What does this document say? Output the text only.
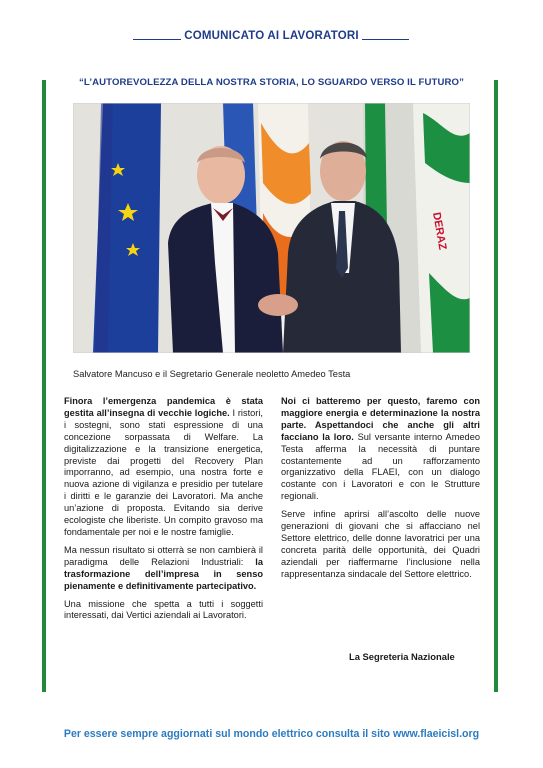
COMUNICATO AI LAVORATORI
“L’AUTOREVOLEZZA DELLA NOSTRA STORIA, LO SGUARDO VERSO IL FUTURO”
DERAZ
Salvatore Mancuso e il Segretario Generale neoletto Amedeo Testa

Finora l’emergenza pandemica è stata gestita all’insegna di vecchie logiche. I ristori, i sostegni, sono stati espressione di una concezione sorpassata di Welfare. La digitalizzazione e la transizione energetica, previste dai progetti del Recovery Plan imporranno, ad esempio, una nostra forte e nuova azione di vigilanza e presidio per tutelare i diritti e le garanzie dei Lavoratori. Ma anche un’azione di proposta. Evitando sia derive ecologiste che liberiste. Un compito gravoso ma fondamentale per noi e le nostre famiglie.

Ma nessun risultato si otterrà se non cambierà il paradigma delle Relazioni Industriali: la trasformazione dell’impresa in senso pienamente e definitivamente partecipativo.

Una missione che spetta a tutti i soggetti interessati, dai Vertici aziendali ai Lavoratori.

Noi ci batteremo per questo, faremo con maggiore energia e determinazione la nostra parte. Aspettandoci che anche gli altri facciano la loro. Sul versante interno Amedeo Testa afferma la necessità di puntare costantemente ad un rafforzamento organizzativo della FLAEI, con un dialogo costante con i Lavoratori e con le Strutture regionali.

Serve infine aprirsi all’ascolto delle nuove generazioni di giovani che si affacciano nel Settore elettrico, delle donne lavoratrici per una concreta parità delle opportunità, dei Quadri aziendali per riaffermarne l’inclusione nella rappresentanza sindacale del Settore elettrico.

La Segreteria Nazionale
Per essere sempre aggiornati sul mondo elettrico consulta il sito www.flaeicisl.org
